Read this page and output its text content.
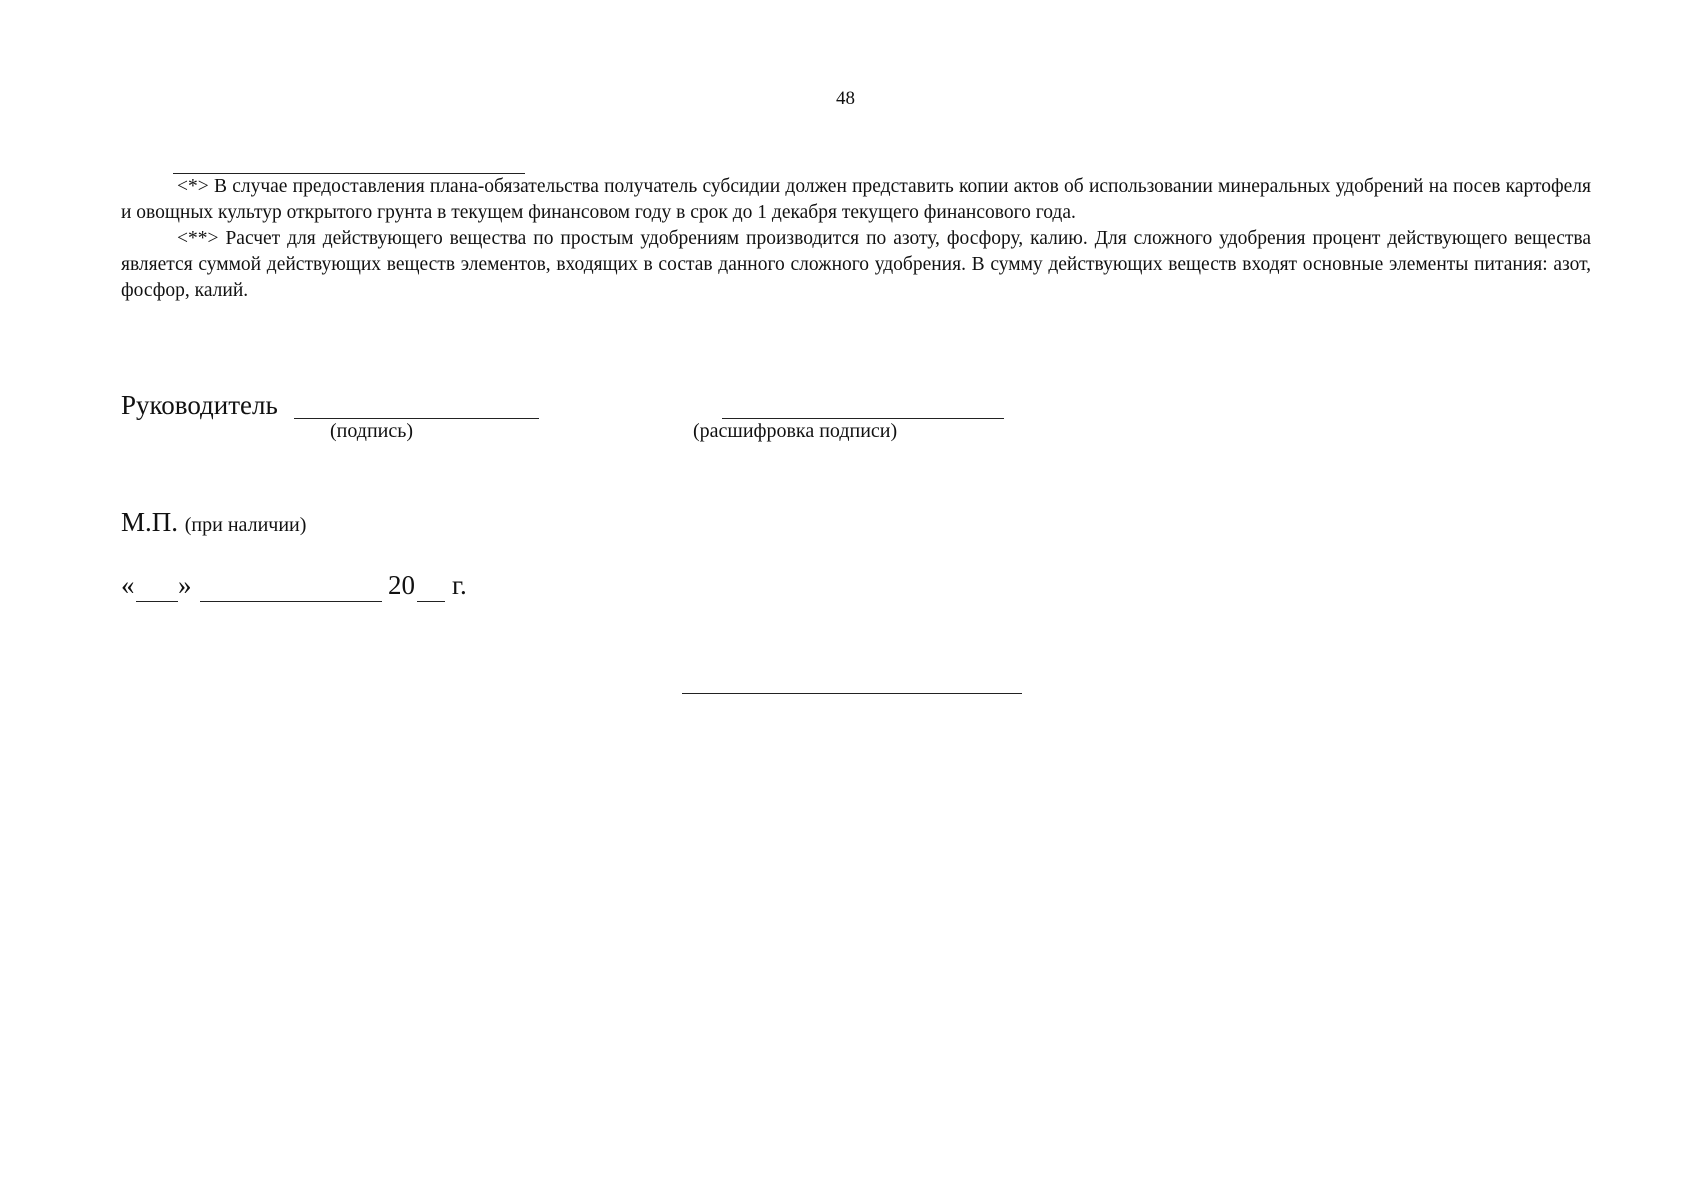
48

<*> В случае предоставления плана-обязательства получатель субсидии должен представить копии актов об использовании минеральных удобрений на посев картофеля и овощных культур открытого грунта в текущем финансовом году в срок до 1 декабря текущего финансового года.

<**> Расчет для действующего вещества по простым удобрениям производится по азоту, фосфору, калию. Для сложного удобрения процент действующего вещества является суммой действующих веществ элементов, входящих в состав данного сложного удобрения. В сумму действующих веществ входят основные элементы питания: азот, фосфор, калий.

Руководитель
(подпись)	(расшифровка подписи)
М.П. (при наличии)
« »	20 г.
